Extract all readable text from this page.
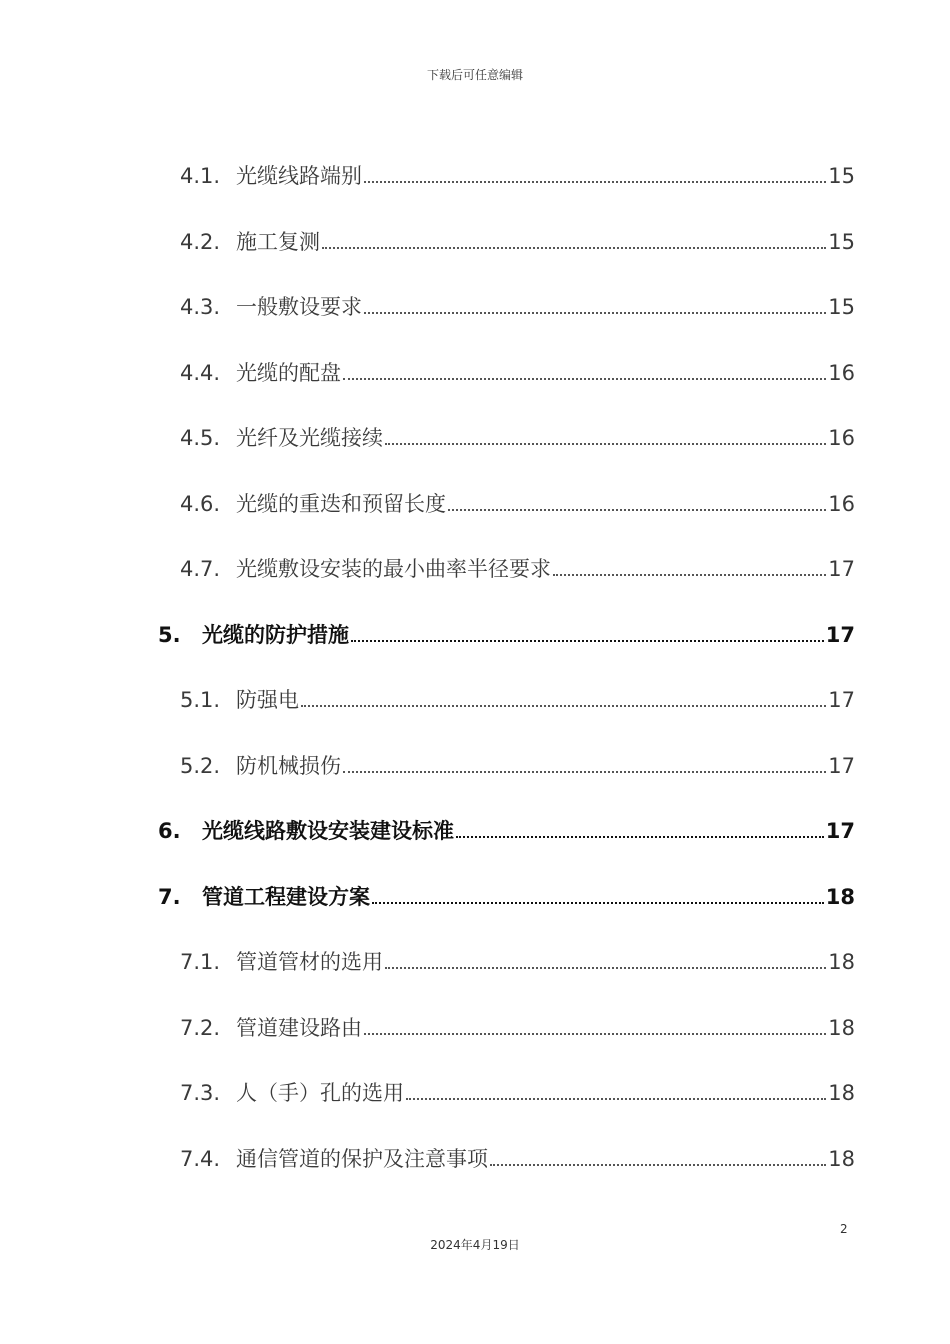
下载后可任意编辑
4.1. 光缆线路端别	15
4.2. 施工复测	15
4.3. 一般敷设要求	15
4.4. 光缆的配盘	16
4.5. 光纤及光缆接续	16
4.6. 光缆的重迭和预留长度	16
4.7. 光缆敷设安装的最小曲率半径要求	17
5.	光缆的防护措施	17
5.1. 防强电	17
5.2. 防机械损伤	17
6.	光缆线路敷设安装建设标准	17
7.	管道工程建设方案	18
7.1. 管道管材的选用	18
7.2. 管道建设路由	18
7.3. 人（手）孔的选用	18
7.4. 通信管道的保护及注意事项	18
2
2024年4月19日
